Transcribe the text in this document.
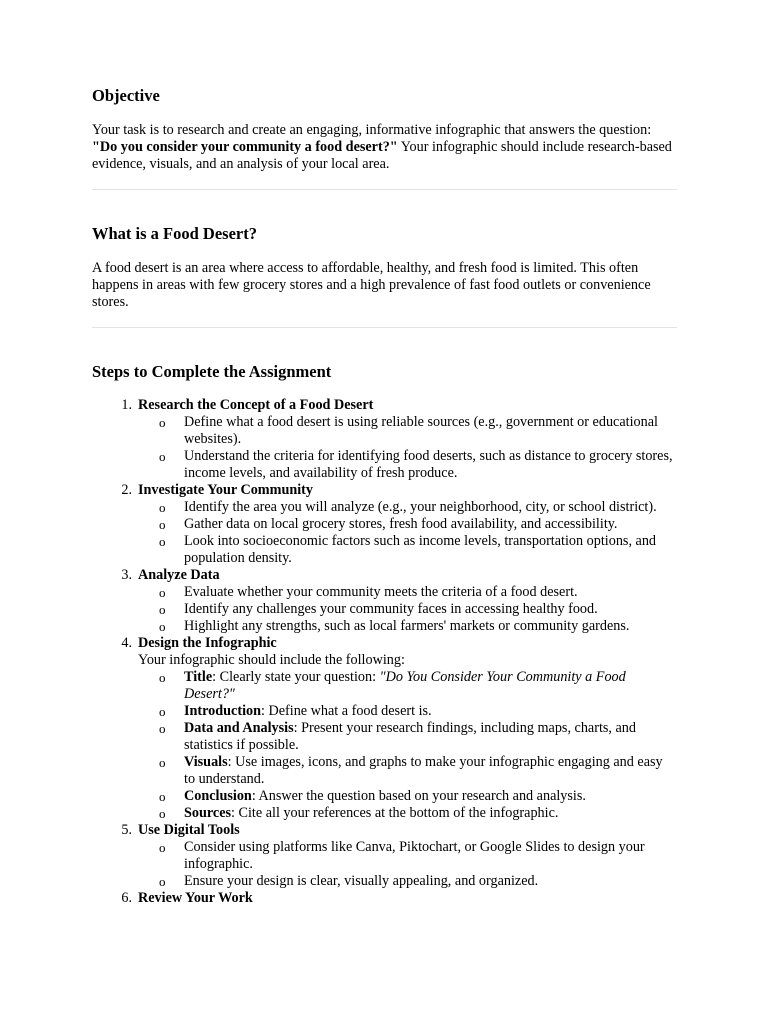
Objective

Your task is to research and create an engaging, informative infographic that answers the question: "Do you consider your community a food desert?" Your infographic should include research-based evidence, visuals, and an analysis of your local area.

What is a Food Desert?

A food desert is an area where access to affordable, healthy, and fresh food is limited. This often happens in areas with few grocery stores and a high prevalence of fast food outlets or convenience stores.

Steps to Complete the Assignment
1. Research the Concept of a Food Desert
o Define what a food desert is using reliable sources (e.g., government or educational websites).
o Understand the criteria for identifying food deserts, such as distance to grocery stores, income levels, and availability of fresh produce.
2. Investigate Your Community
o Identify the area you will analyze (e.g., your neighborhood, city, or school district).
o Gather data on local grocery stores, fresh food availability, and accessibility.
o Look into socioeconomic factors such as income levels, transportation options, and population density.
3. Analyze Data
o Evaluate whether your community meets the criteria of a food desert.
o Identify any challenges your community faces in accessing healthy food.
o Highlight any strengths, such as local farmers' markets or community gardens.
4. Design the Infographic
Your infographic should include the following:
o Title: Clearly state your question: "Do You Consider Your Community a Food Desert?"
o Introduction: Define what a food desert is.
o Data and Analysis: Present your research findings, including maps, charts, and statistics if possible.
o Visuals: Use images, icons, and graphs to make your infographic engaging and easy to understand.
o Conclusion: Answer the question based on your research and analysis.
o Sources: Cite all your references at the bottom of the infographic.
5. Use Digital Tools
o Consider using platforms like Canva, Piktochart, or Google Slides to design your infographic.
o Ensure your design is clear, visually appealing, and organized.
6. Review Your Work
